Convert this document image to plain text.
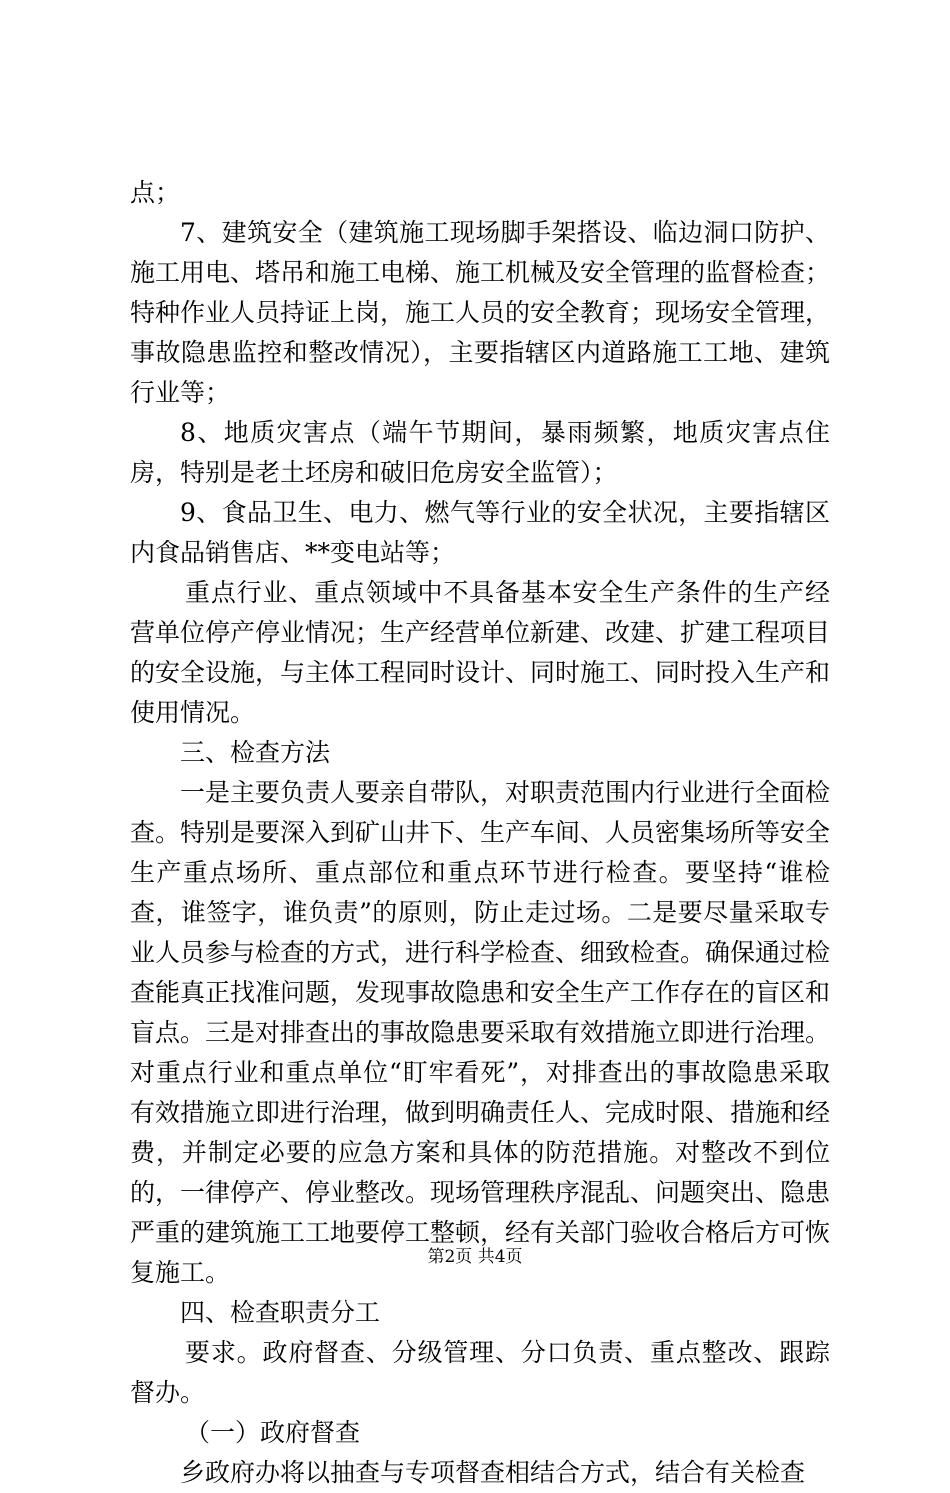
点；

7、建筑安全（建筑施工现场脚手架搭设、临边洞口防护、施工用电、塔吊和施工电梯、施工机械及安全管理的监督检查；特种作业人员持证上岗，施工人员的安全教育；现场安全管理，事故隐患监控和整改情况），主要指辖区内道路施工工地、建筑行业等；

8、地质灾害点（端午节期间，暴雨频繁，地质灾害点住房，特别是老土坯房和破旧危房安全监管）；

9、食品卫生、电力、燃气等行业的安全状况，主要指辖区内食品销售店、**变电站等；

重点行业、重点领域中不具备基本安全生产条件的生产经营单位停产停业情况；生产经营单位新建、改建、扩建工程项目的安全设施，与主体工程同时设计、同时施工、同时投入生产和使用情况。

三、检查方法

一是主要负责人要亲自带队，对职责范围内行业进行全面检查。特别是要深入到矿山井下、生产车间、人员密集场所等安全生产重点场所、重点部位和重点环节进行检查。要坚持“谁检查，谁签字，谁负责”的原则，防止走过场。二是要尽量采取专业人员参与检查的方式，进行科学检查、细致检查。确保通过检查能真正找准问题，发现事故隐患和安全生产工作存在的盲区和盲点。三是对排查出的事故隐患要采取有效措施立即进行治理。对重点行业和重点单位“盯牢看死”，对排查出的事故隐患采取有效措施立即进行治理，做到明确责任人、完成时限、措施和经费，并制定必要的应急方案和具体的防范措施。对整改不到位的，一律停产、停业整改。现场管理秩序混乱、问题突出、隐患严重的建筑施工工地要停工整顿，经有关部门验收合格后方可恢复施工。

四、检查职责分工

要求。政府督查、分级管理、分口负责、重点整改、跟踪督办。

（一）政府督查

乡政府办将以抽查与专项督查相结合方式，结合有关检查

第2页 共4页
